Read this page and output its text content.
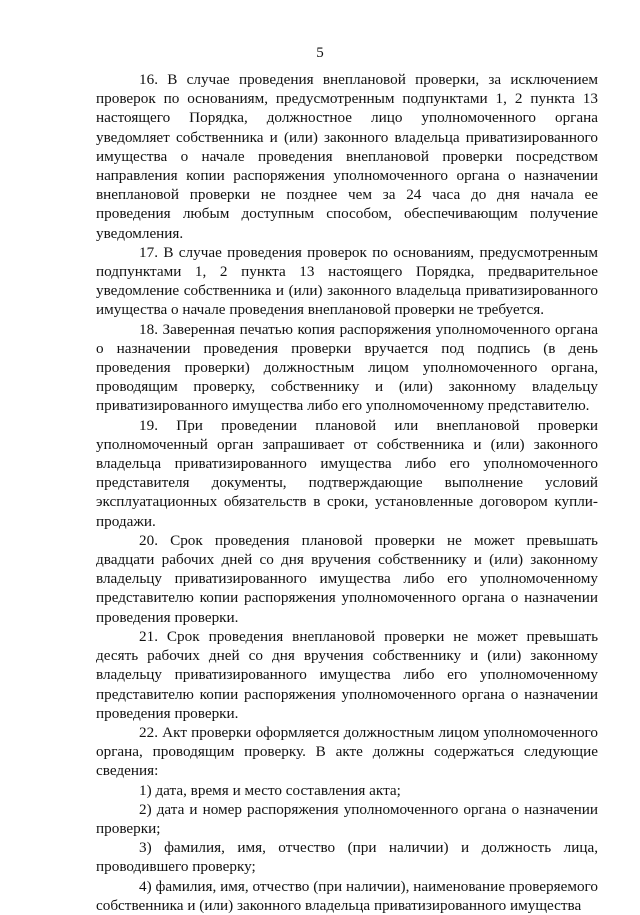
5

16. В случае проведения внеплановой проверки, за исключением проверок по основаниям, предусмотренным подпунктами 1, 2 пункта 13 настоящего Порядка, должностное лицо уполномоченного органа уведомляет собственника и (или) законного владельца приватизированного имущества о начале проведения внеплановой проверки посредством направления копии распоряжения уполномоченного органа о назначении внеплановой проверки не позднее чем за 24 часа до дня начала ее проведения любым доступным способом, обеспечивающим получение уведомления.

17. В случае проведения проверок по основаниям, предусмотренным подпунктами 1, 2 пункта 13 настоящего Порядка, предварительное уведомление собственника и (или) законного владельца приватизированного имущества о начале проведения внеплановой проверки не требуется.

18. Заверенная печатью копия распоряжения уполномоченного органа о назначении проведения проверки вручается под подпись (в день проведения проверки) должностным лицом уполномоченного органа, проводящим проверку, собственнику и (или) законному владельцу приватизированного имущества либо его уполномоченному представителю.

19. При проведении плановой или внеплановой проверки уполномоченный орган запрашивает от собственника и (или) законного владельца приватизированного имущества либо его уполномоченного представителя документы, подтверждающие выполнение условий эксплуатационных обязательств в сроки, установленные договором купли-продажи.

20. Срок проведения плановой проверки не может превышать двадцати рабочих дней со дня вручения собственнику и (или) законному владельцу приватизированного имущества либо его уполномоченному представителю копии распоряжения уполномоченного органа о назначении проведения проверки.

21. Срок проведения внеплановой проверки не может превышать десять рабочих дней со дня вручения собственнику и (или) законному владельцу приватизированного имущества либо его уполномоченному представителю копии распоряжения уполномоченного органа о назначении проведения проверки.

22. Акт проверки оформляется должностным лицом уполномоченного органа, проводящим проверку. В акте должны содержаться следующие сведения:

1) дата, время и место составления акта;

2) дата и номер распоряжения уполномоченного органа о назначении проверки;

3) фамилия, имя, отчество (при наличии) и должность лица, проводившего проверку;

4) фамилия, имя, отчество (при наличии), наименование проверяемого собственника и (или) законного владельца приватизированного имущества
